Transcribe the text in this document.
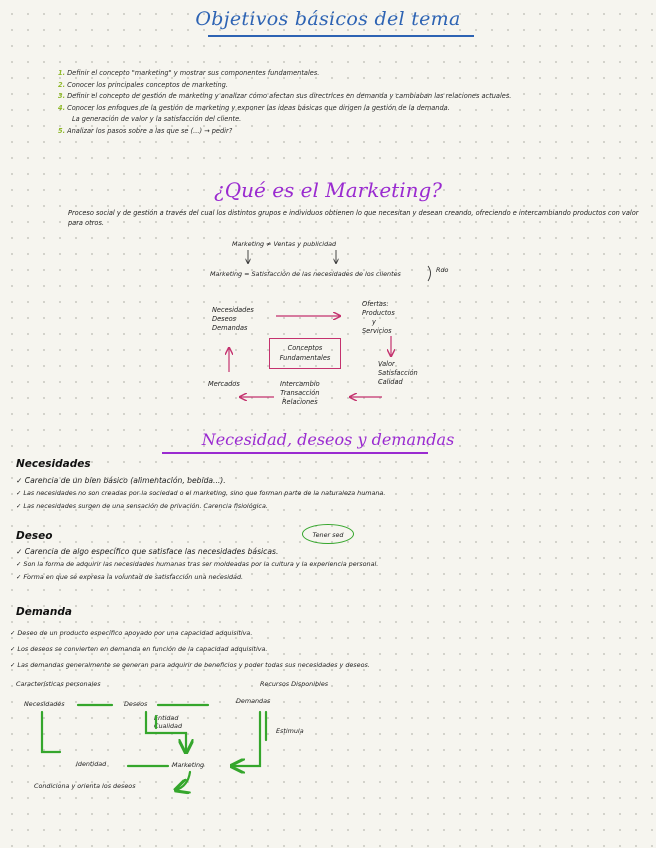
Objetivos básicos del tema
1. Definir el concepto "marketing" y mostrar sus componentes fundamentales.
2. Conocer los principales conceptos de marketing.
3. Definir el concepto de gestión de marketing y analizar cómo afectan sus directrices en demanda y cambiaban las relaciones actuales.
4. Conocer los enfoques de la gestión de marketing y exponer las ideas básicas que dirigen la gestión de la demanda.
La generación de valor y la satisfacción del cliente.
5. Analizar los pasos sobre a las que se (...) → pedir?
¿Qué es el Marketing?
Proceso social y de gestión a través del cual los distintos grupos e individuos obtienen lo que necesitan y desean creando, ofreciendo e intercambiando productos con valor para otros.
Marketing ≠ Ventas y publicidad
Marketing = Satisfacción de las necesidades de los clientes	Rdo
Necesidades
Deseos
Demandas
Ofertas:
Productos
y
Servicios
Valor
Satisfacción
Calidad
Intercambio
Transacción
Relaciones
Mercados
Conceptos
Fundamentales
Necesidad, deseos y demandas
Necesidades
✓ Carencia de un bien básico (alimentación, bebida...).
✓ Las necesidades no son creadas por la sociedad o el marketing, sino que forman parte de la naturaleza humana.
✓ Las necesidades surgen de una sensación de privación. Carencia fisiológica.
Tener sed
Deseo
✓ Carencia de algo específico que satisface las necesidades básicas.
✓ Son la forma de adquirir las necesidades humanas tras ser moldeadas por la cultura y la experiencia personal.
✓ Forma en que se expresa la voluntad de satisfacción una necesidad.
Demanda
✓ Deseo de un producto específico apoyado por una capacidad adquisitiva.
✓ Los deseos se convierten en demanda en función de la capacidad adquisitiva.
✓ Las demandas generalmente se generan para adquirir de beneficios y poder todas sus necesidades y deseos.
Características personales	Recursos Disponibles
Necesidades	Deseos	Demandas
Entidad
Cualidad
Estimula
Identidad	Marketing
Condiciona y orienta los deseos
